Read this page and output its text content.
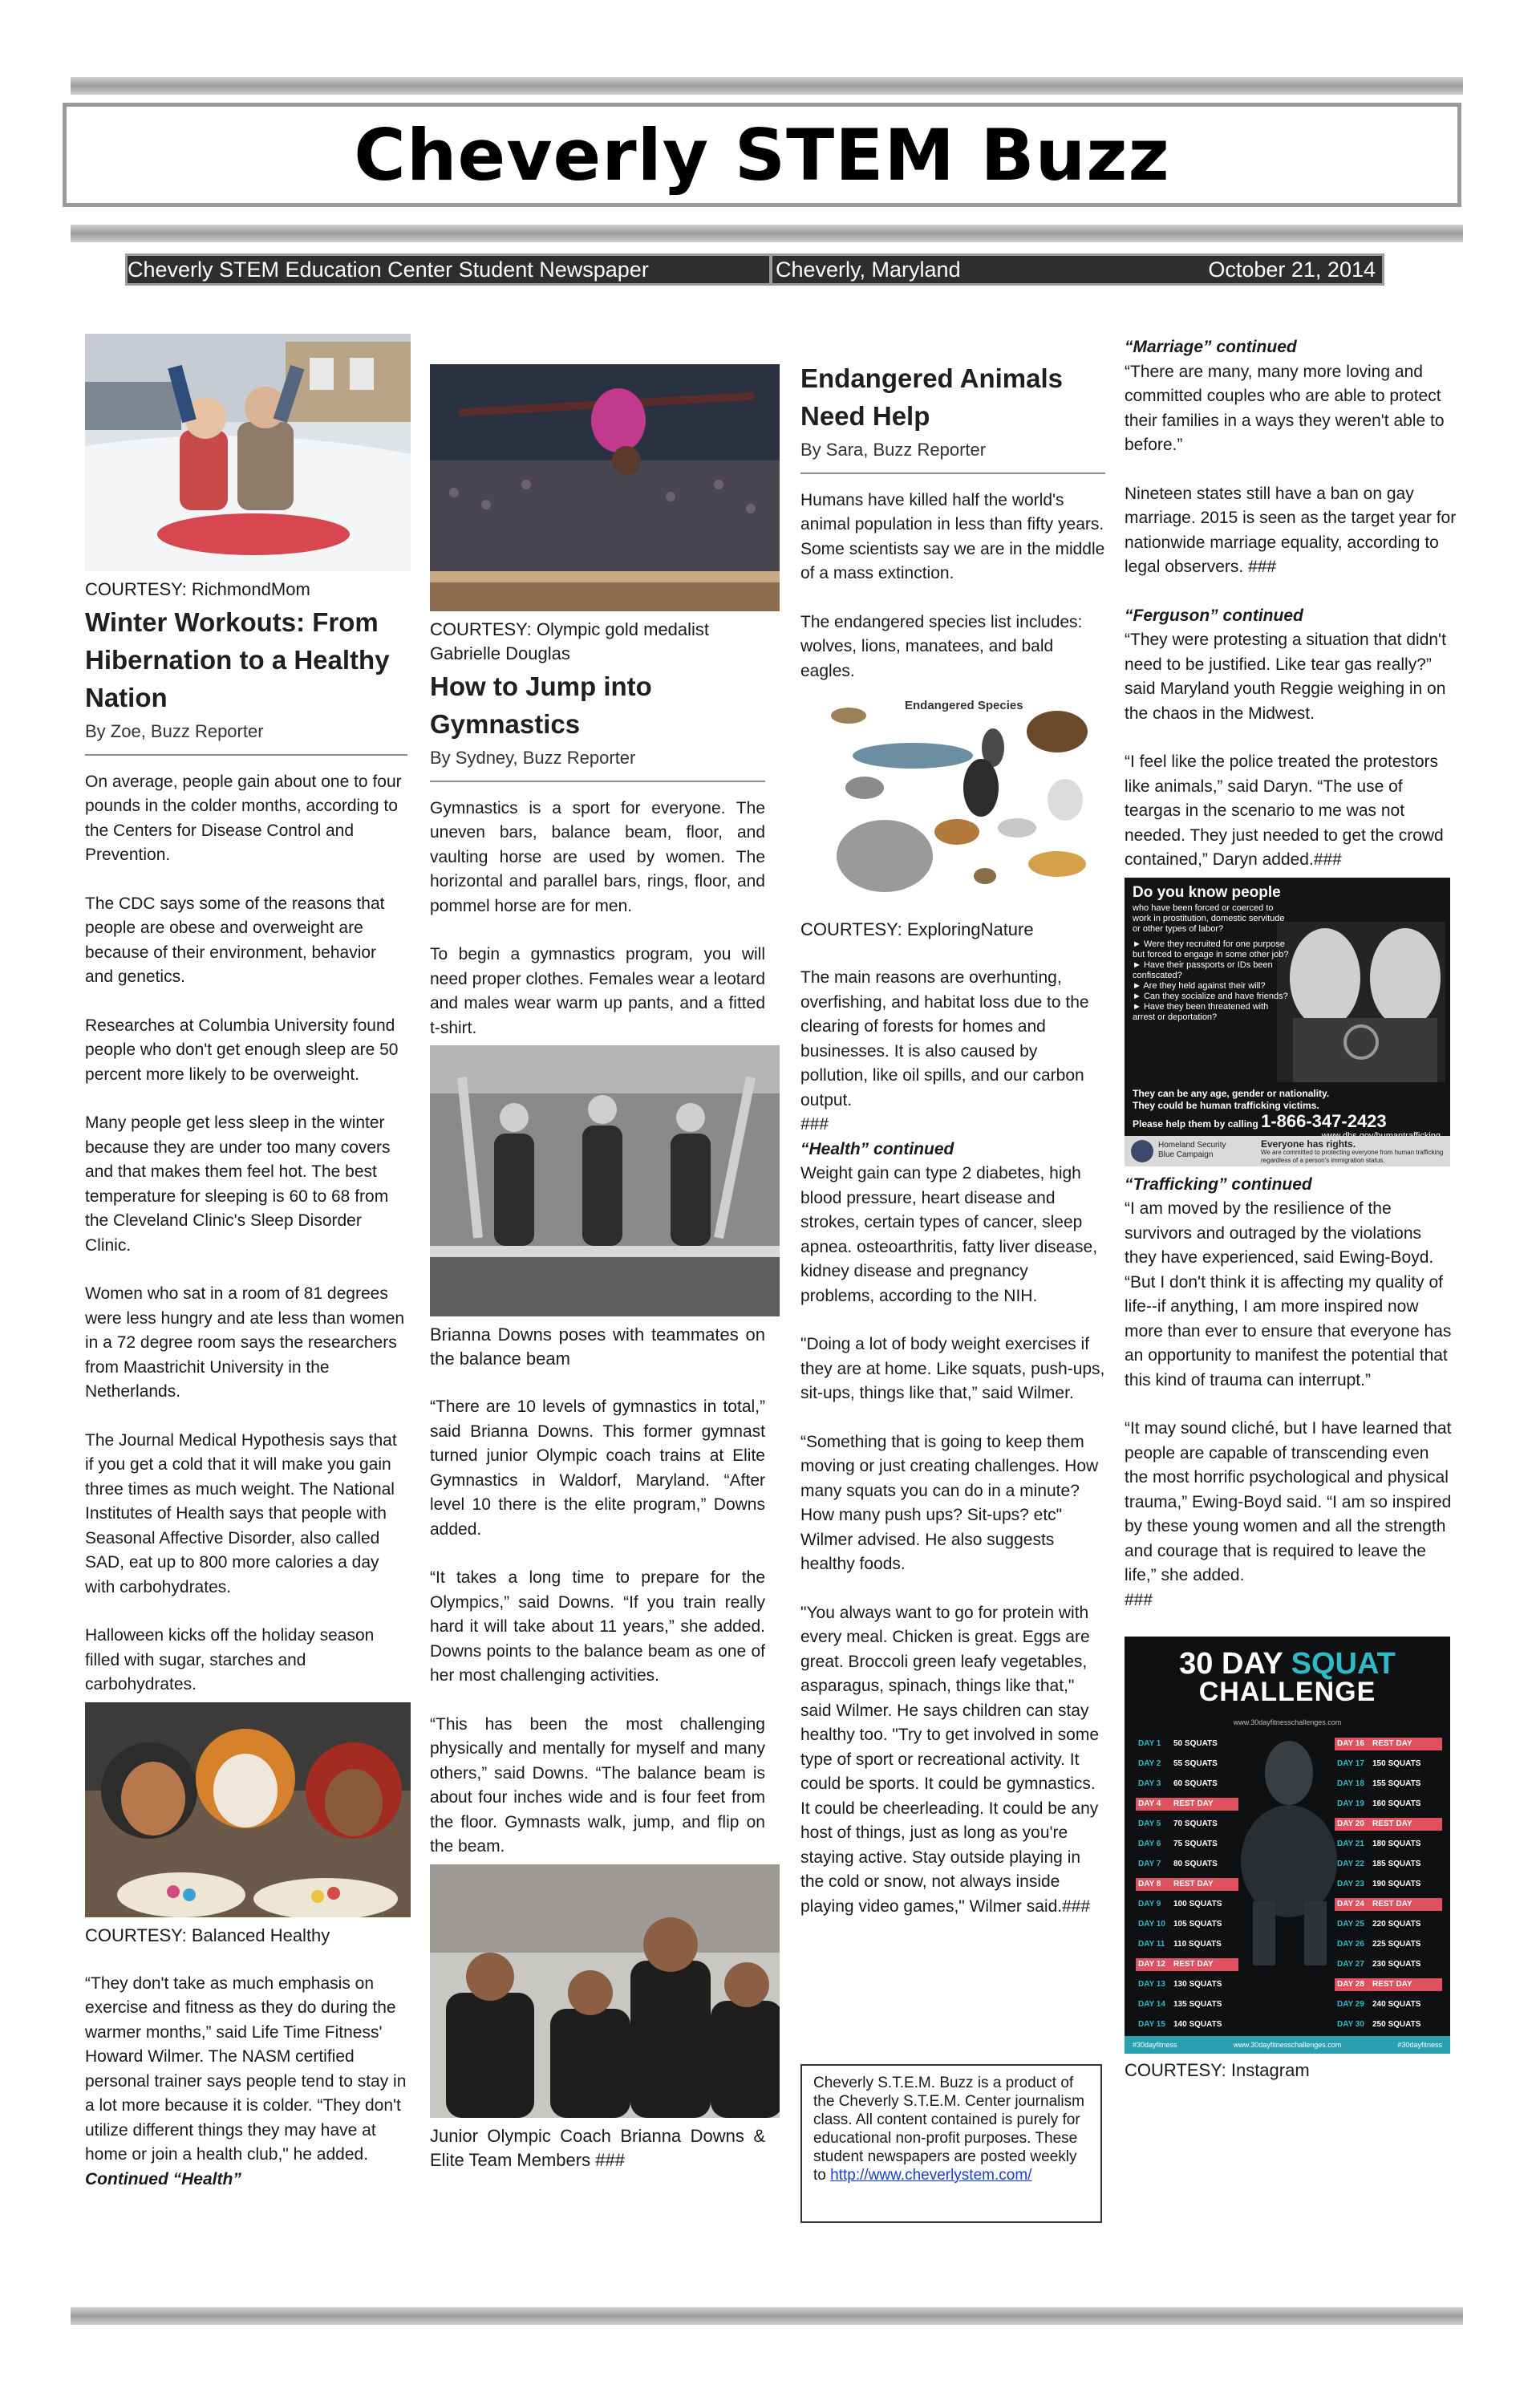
Cheverly STEM Buzz
Cheverly STEM Education Center Student Newspaper	Cheverly, Maryland	October 21, 2014
COURTESY: RichmondMom
Winter Workouts: From Hibernation to a Healthy Nation
By Zoe, Buzz Reporter

On average, people gain about one to four pounds in the colder months, according to the Centers for Disease Control and Prevention.

The CDC says some of the reasons that people are obese and overweight are because of their environment, behavior and genetics.

Researches at Columbia University found people who don't get enough sleep are 50 percent more likely to be overweight.

Many people get less sleep in the winter because they are under too many covers and that makes them feel hot. The best temperature for sleeping is 60 to 68 from the Cleveland Clinic's Sleep Disorder Clinic.

Women who sat in a room of 81 degrees were less hungry and ate less than women in a 72 degree room says the researchers from Maastrichit University in the Netherlands.

The Journal Medical Hypothesis says that if you get a cold that it will make you gain three times as much weight. The National Institutes of Health says that people with Seasonal Affective Disorder, also called SAD, eat up to 800 more calories a day with carbohydrates.

Halloween kicks off the holiday season filled with sugar, starches and carbohydrates.

COURTESY: Balanced Healthy

“They don't take as much emphasis on exercise and fitness as they do during the warmer months,” said Life Time Fitness' Howard Wilmer. The NASM certified personal trainer says people tend to stay in a lot more because it is colder. “They don't utilize different things they may have at home or join a health club," he added.

Continued “Health”
COURTESY: Olympic gold medalist Gabrielle Douglas
How to Jump into Gymnastics
By Sydney, Buzz Reporter

Gymnastics is a sport for everyone. The uneven bars, balance beam, floor, and vaulting horse are used by women. The horizontal and parallel bars, rings, floor, and pommel horse are for men.

To begin a gymnastics program, you will need proper clothes. Females wear a leotard and males wear warm up pants, and a fitted t-shirt.

Brianna Downs poses with teammates on the balance beam

“There are 10 levels of gymnastics in total,” said Brianna Downs. This former gymnast turned junior Olympic coach trains at Elite Gymnastics in Waldorf, Maryland. “After level 10 there is the elite program,” Downs added.

“It takes a long time to prepare for the Olympics,” said Downs. “If you train really hard it will take about 11 years,” she added. Downs points to the balance beam as one of her most challenging activities.

“This has been the most challenging physically and mentally for myself and many others,” said Downs. “The balance beam is about four inches wide and is four feet from the floor. Gymnasts walk, jump, and flip on the beam.

Junior Olympic Coach Brianna Downs & Elite Team Members ###
Endangered Animals Need Help
By Sara, Buzz Reporter

Humans have killed half the world's animal population in less than fifty years. Some scientists say we are in the middle of a mass extinction.

The endangered species list includes: wolves, lions, manatees, and bald eagles.

Endangered Species
COURTESY: ExploringNature

The main reasons are overhunting, overfishing, and habitat loss due to the clearing of forests for homes and businesses. It is also caused by pollution, like oil spills, and our carbon output.

###
“Health” continued

Weight gain can type 2 diabetes, high blood pressure, heart disease and strokes, certain types of cancer, sleep apnea. osteoarthritis, fatty liver disease, kidney disease and pregnancy problems, according to the NIH.

"Doing a lot of body weight exercises if they are at home. Like squats, push-ups, sit-ups, things like that,” said Wilmer.

“Something that is going to keep them moving or just creating challenges. How many squats you can do in a minute? How many push ups? Sit-ups? etc" Wilmer advised. He also suggests healthy foods.

"You always want to go for protein with every meal. Chicken is great. Eggs are great. Broccoli green leafy vegetables, asparagus, spinach, things like that," said Wilmer. He says children can stay healthy too. "Try to get involved in some type of sport or recreational activity. It could be sports. It could be gymnastics. It could be cheerleading. It could be any host of things, just as long as you're staying active. Stay outside playing in the cold or snow, not always inside playing video games," Wilmer said.###

Cheverly S.T.E.M. Buzz is a product of the Cheverly S.T.E.M. Center journalism class. All content contained is purely for educational non-profit purposes. These student newspapers are posted weekly to http://www.cheverlystem.com/
“Marriage” continued

“There are many, many more loving and committed couples who are able to protect their families in a ways they weren't able to before.”

Nineteen states still have a ban on gay marriage. 2015 is seen as the target year for nationwide marriage equality, according to legal observers. ###

“Ferguson” continued

“They were protesting a situation that didn't need to be justified. Like tear gas really?” said Maryland youth Reggie weighing in on the chaos in the Midwest.

“I feel like the police treated the protestors like animals,” said Daryn. “The use of teargas in the scenario to me was not needed. They just needed to get the crowd contained,” Daryn added.###

Do you know people
who have been forced or coerced to work in prostitution, domestic servitude or other types of labor?
► Were they recruited for one purpose but forced to engage in some other job?
► Have their passports or IDs been confiscated?
► Are they held against their will?
► Can they socialize and have friends?
► Have they been threatened with arrest or deportation?
They can be any age, gender or nationality.
They could be human trafficking victims.
Please help them by calling 1-866-347-2423
Homeland Security
Blue Campaign
Everyone has rights.
We are committed to protecting everyone from human trafficking regardless of a person's immigration status.
“Trafficking” continued

“I am moved by the resilience of the survivors and outraged by the violations they have experienced, said Ewing-Boyd. “But I don't think it is affecting my quality of life--if anything, I am more inspired now more than ever to ensure that everyone has an opportunity to manifest the potential that this kind of trauma can interrupt.”

“It may sound cliché, but I have learned that people are capable of transcending even the most horrific psychological and physical trauma,” Ewing-Boyd said. “I am so inspired by these young women and all the strength and courage that is required to leave the life,” she added.

###
30 DAY SQUAT
CHALLENGE
www.30dayfitnesschallenges.com
DAY 1	50 SQUATS
DAY 2	55 SQUATS
DAY 3	60 SQUATS
DAY 4	REST DAY
DAY 5	70 SQUATS
DAY 6	75 SQUATS
DAY 7	80 SQUATS
DAY 8	REST DAY
DAY 9	100 SQUATS
DAY 10	105 SQUATS
DAY 11	110 SQUATS
DAY 12	REST DAY
DAY 13	130 SQUATS
DAY 14	135 SQUATS
DAY 15	140 SQUATS
DAY 16	REST DAY
DAY 17	150 SQUATS
DAY 18	155 SQUATS
DAY 19	160 SQUATS
DAY 20	REST DAY
DAY 21	180 SQUATS
DAY 22	185 SQUATS
DAY 23	190 SQUATS
DAY 24	REST DAY
DAY 25	220 SQUATS
DAY 26	225 SQUATS
DAY 27	230 SQUATS
DAY 28	REST DAY
DAY 29	240 SQUATS
DAY 30	250 SQUATS
#30dayfitness	www.30dayfitnesschallenges.com	#30dayfitness
COURTESY: Instagram
